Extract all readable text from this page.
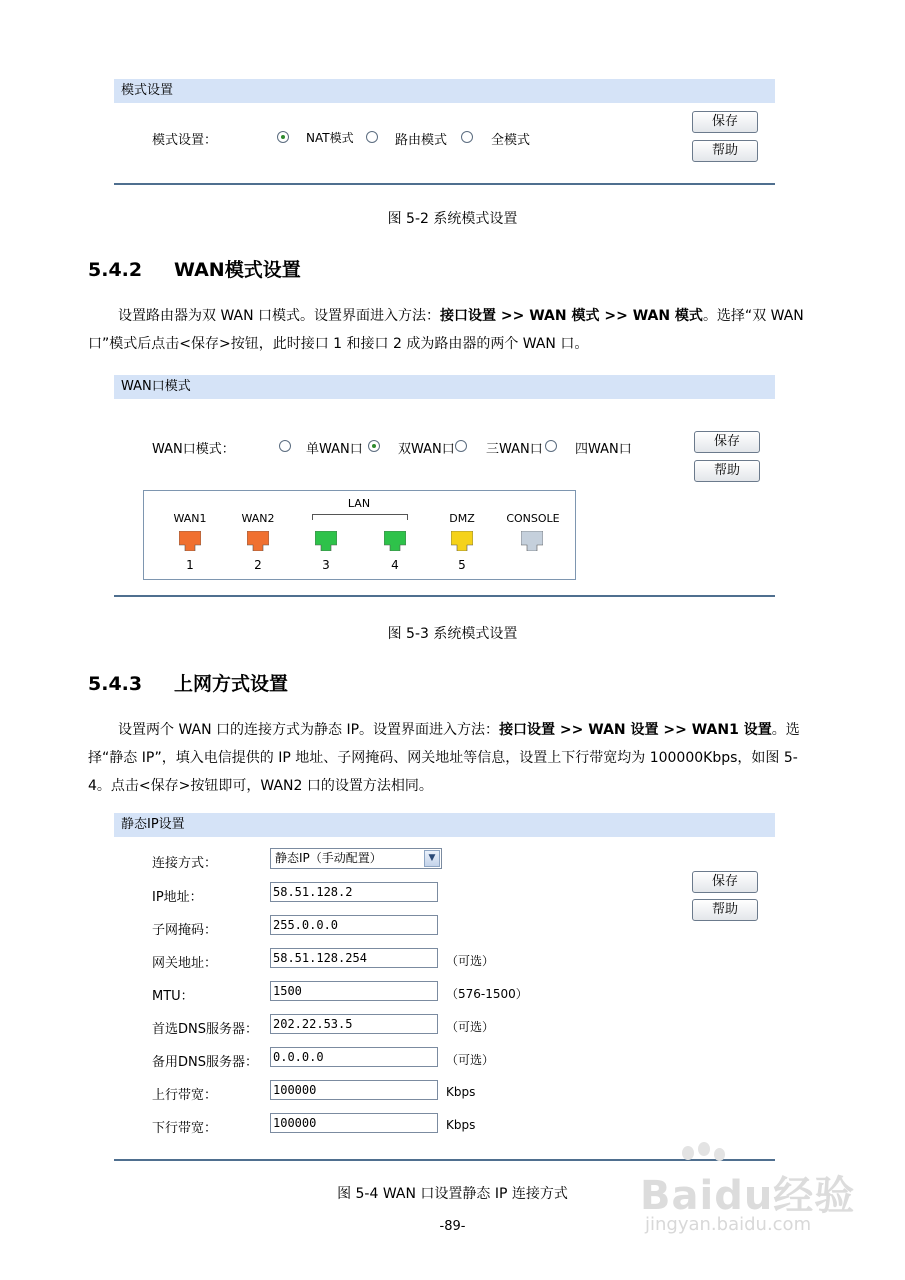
模式设置
模式设置：	NAT模式	路由模式	全模式
保存
帮助
图 5-2 系统模式设置
5.4.2 WAN模式设置
设置路由器为双 WAN 口模式。设置界面进入方法：接口设置 >> WAN 模式 >> WAN 模式。选择“双 WAN 口”模式后点击<保存>按钮，此时接口 1 和接口 2 成为路由器的两个 WAN 口。
WAN口模式
WAN口模式：	单WAN口	双WAN口 三WAN口 四WAN口
保存
帮助
LAN
WAN1	WAN2	DMZ	CONSOLE
1	2	3	4	5
图 5-3 系统模式设置
5.4.3 上网方式设置
设置两个 WAN 口的连接方式为静态 IP。设置界面进入方法：接口设置 >> WAN 设置 >> WAN1 设置。选择“静态 IP”，填入电信提供的 IP 地址、子网掩码、网关地址等信息，设置上下行带宽均为 100000Kbps，如图 5-4。点击<保存>按钮即可，WAN2 口的设置方法相同。
静态IP设置
连接方式：	静态IP（手动配置）	▼
保存
帮助
IP地址：	58.51.128.2
子网掩码：	255.0.0.0
网关地址：	58.51.128.254	（可选）
MTU：	1500	（576-1500）
首选DNS服务器： 202.22.53.5	（可选）
备用DNS服务器： 0.0.0.0	（可选）
上行带宽：	100000	Kbps
下行带宽：	100000	Kbps
图 5-4 WAN 口设置静态 IP 连接方式
-89-
Baidu经验
jingyan.baidu.com
